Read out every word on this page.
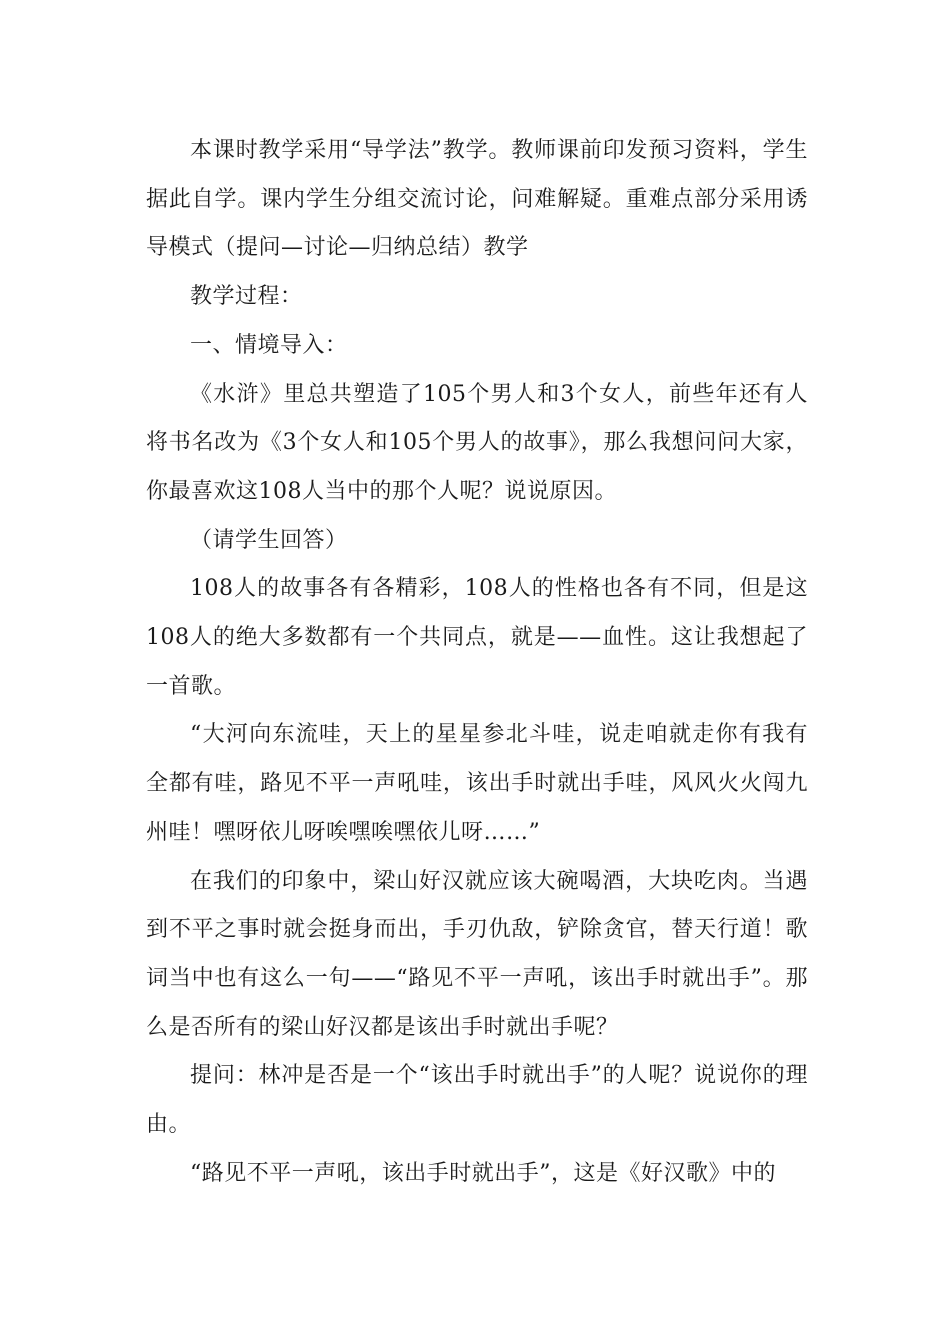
本课时教学采用“导学法”教学。教师课前印发预习资料，学生据此自学。课内学生分组交流讨论，问难解疑。重难点部分采用诱导模式（提问—讨论—归纳总结）教学

教学过程：

一、情境导入：

《水浒》里总共塑造了105个男人和3个女人，前些年还有人将书名改为《3个女人和105个男人的故事》，那么我想问问大家，你最喜欢这108人当中的那个人呢？说说原因。

（请学生回答）

108人的故事各有各精彩，108人的性格也各有不同，但是这108人的绝大多数都有一个共同点，就是——血性。这让我想起了一首歌。

“大河向东流哇，天上的星星参北斗哇，说走咱就走你有我有全都有哇，路见不平一声吼哇，该出手时就出手哇，风风火火闯九州哇！嘿呀依儿呀唉嘿唉嘿依儿呀……”

在我们的印象中，梁山好汉就应该大碗喝酒，大块吃肉。当遇到不平之事时就会挺身而出，手刃仇敌，铲除贪官，替天行道！歌词当中也有这么一句——“路见不平一声吼，该出手时就出手”。那么是否所有的梁山好汉都是该出手时就出手呢？

提问：林冲是否是一个“该出手时就出手”的人呢？说说你的理由。

“路见不平一声吼，该出手时就出手”，这是《好汉歌》中的
